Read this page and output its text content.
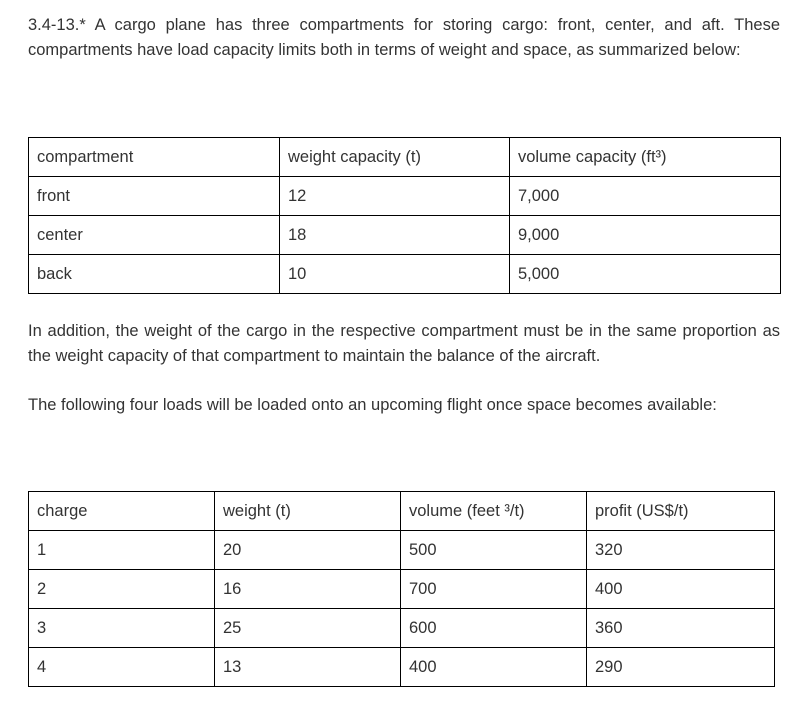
3.4-13.* A cargo plane has three compartments for storing cargo: front, center, and aft. These compartments have load capacity limits both in terms of weight and space, as summarized below:

compartment	weight capacity (t)	volume capacity (ft³)
front	12	7,000
center	18	9,000
back	10	5,000

In addition, the weight of the cargo in the respective compartment must be in the same proportion as the weight capacity of that compartment to maintain the balance of the aircraft.

The following four loads will be loaded onto an upcoming flight once space becomes available:

charge	weight (t)	volume (feet ³/t)	profit (US$/t)
1	20	500	320
2	16	700	400
3	25	600	360
4	13	400	290
